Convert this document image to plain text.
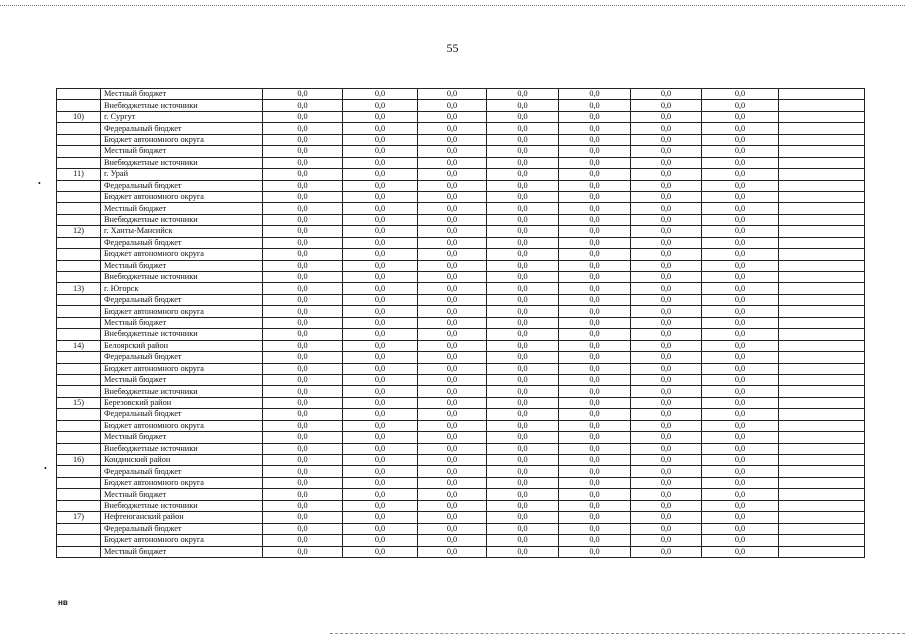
55
	Местный бюджет	0,0	0,0	0,0	0,0	0,0	0,0	0,0	
	Внебюджетные источники	0,0	0,0	0,0	0,0	0,0	0,0	0,0	
10)	г. Сургут	0,0	0,0	0,0	0,0	0,0	0,0	0,0	
	Федеральный бюджет	0,0	0,0	0,0	0,0	0,0	0,0	0,0	
	Бюджет автономного округа	0,0	0,0	0,0	0,0	0,0	0,0	0,0	
	Местный бюджет	0,0	0,0	0,0	0,0	0,0	0,0	0,0	
	Внебюджетные источники	0,0	0,0	0,0	0,0	0,0	0,0	0,0	
11)	г. Урай	0,0	0,0	0,0	0,0	0,0	0,0	0,0	
	Федеральный бюджет	0,0	0,0	0,0	0,0	0,0	0,0	0,0	
	Бюджет автономного округа	0,0	0,0	0,0	0,0	0,0	0,0	0,0	
	Местный бюджет	0,0	0,0	0,0	0,0	0,0	0,0	0,0	
	Внебюджетные источники	0,0	0,0	0,0	0,0	0,0	0,0	0,0	
12)	г. Ханты-Мансийск	0,0	0,0	0,0	0,0	0,0	0,0	0,0	
	Федеральный бюджет	0,0	0,0	0,0	0,0	0,0	0,0	0,0	
	Бюджет автономного округа	0,0	0,0	0,0	0,0	0,0	0,0	0,0	
	Местный бюджет	0,0	0,0	0,0	0,0	0,0	0,0	0,0	
	Внебюджетные источники	0,0	0,0	0,0	0,0	0,0	0,0	0,0	
13)	г. Югорск	0,0	0,0	0,0	0,0	0,0	0,0	0,0	
	Федеральный бюджет	0,0	0,0	0,0	0,0	0,0	0,0	0,0	
	Бюджет автономного округа	0,0	0,0	0,0	0,0	0,0	0,0	0,0	
	Местный бюджет	0,0	0,0	0,0	0,0	0,0	0,0	0,0	
	Внебюджетные источники	0,0	0,0	0,0	0,0	0,0	0,0	0,0	
14)	Белоярский район	0,0	0,0	0,0	0,0	0,0	0,0	0,0	
	Федеральный бюджет	0,0	0,0	0,0	0,0	0,0	0,0	0,0	
	Бюджет автономного округа	0,0	0,0	0,0	0,0	0,0	0,0	0,0	
	Местный бюджет	0,0	0,0	0,0	0,0	0,0	0,0	0,0	
	Внебюджетные источники	0,0	0,0	0,0	0,0	0,0	0,0	0,0	
15)	Березовский район	0,0	0,0	0,0	0,0	0,0	0,0	0,0	
	Федеральный бюджет	0,0	0,0	0,0	0,0	0,0	0,0	0,0	
	Бюджет автономного округа	0,0	0,0	0,0	0,0	0,0	0,0	0,0	
	Местный бюджет	0,0	0,0	0,0	0,0	0,0	0,0	0,0	
	Внебюджетные источники	0,0	0,0	0,0	0,0	0,0	0,0	0,0	
16)	Кондинский район	0,0	0,0	0,0	0,0	0,0	0,0	0,0	
	Федеральный бюджет	0,0	0,0	0,0	0,0	0,0	0,0	0,0	
	Бюджет автономного округа	0,0	0,0	0,0	0,0	0,0	0,0	0,0	
	Местный бюджет	0,0	0,0	0,0	0,0	0,0	0,0	0,0	
	Внебюджетные источники	0,0	0,0	0,0	0,0	0,0	0,0	0,0	
17)	Нефтеюганский район	0,0	0,0	0,0	0,0	0,0	0,0	0,0	
	Федеральный бюджет	0,0	0,0	0,0	0,0	0,0	0,0	0,0	
	Бюджет автономного округа	0,0	0,0	0,0	0,0	0,0	0,0	0,0	
	Местный бюджет	0,0	0,0	0,0	0,0	0,0	0,0	0,0	
•
•
нв
